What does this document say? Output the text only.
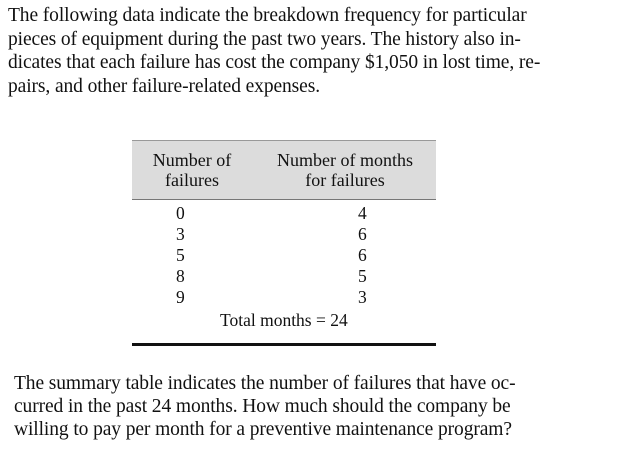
The following data indicate the breakdown frequency for particular
pieces of equipment during the past two years. The history also in-
dicates that each failure has cost the company $1,050 in lost time, re-
pairs, and other failure-related expenses.
Number of
failures
Number of months
for failures
0
3
5
8
9
4
6
6
5
3
Total months = 24
The summary table indicates the number of failures that have oc-
curred in the past 24 months. How much should the company be
willing to pay per month for a preventive maintenance program?
